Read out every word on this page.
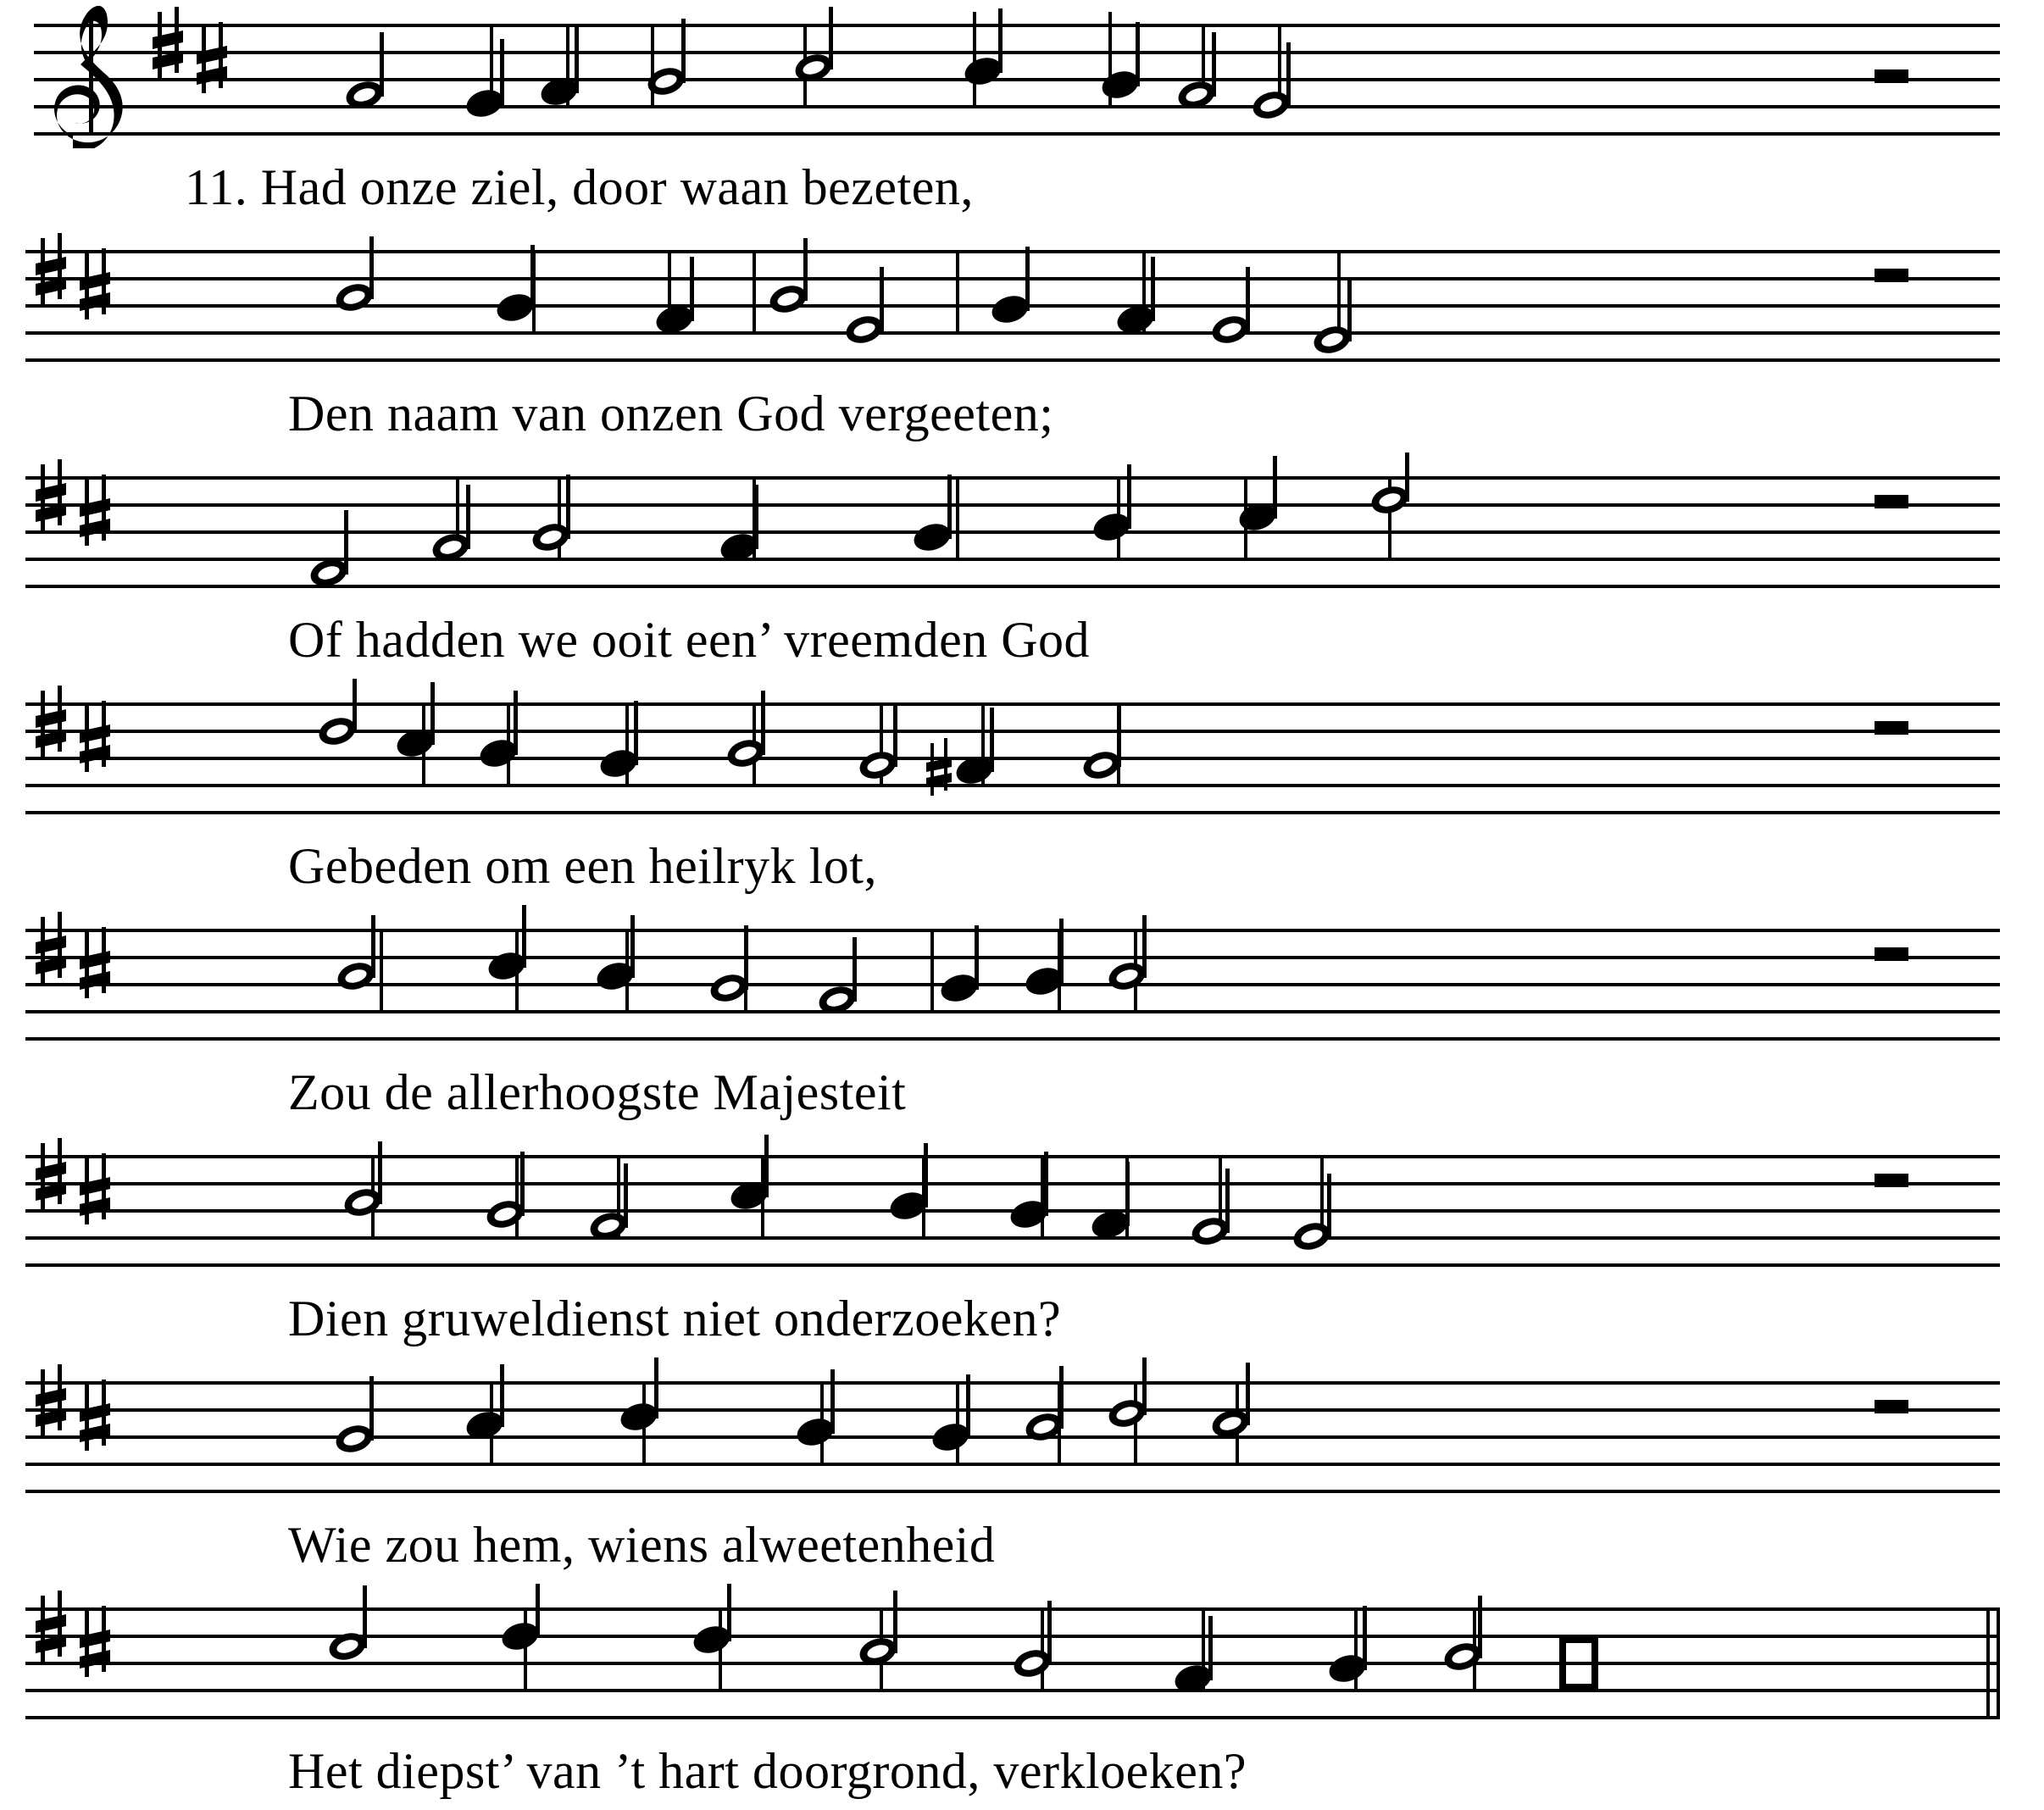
11. Had onze ziel, door waan bezeten,
Den naam van onzen God vergeeten;
Of hadden we ooit een’ vreemden God
Gebeden om een heilryk lot,
Zou de allerhoogste Majesteit
Dien gruweldienst niet onderzoeken?
Wie zou hem, wiens alweetenheid
Het diepst’ van ’t hart doorgrond, verkloeken?
